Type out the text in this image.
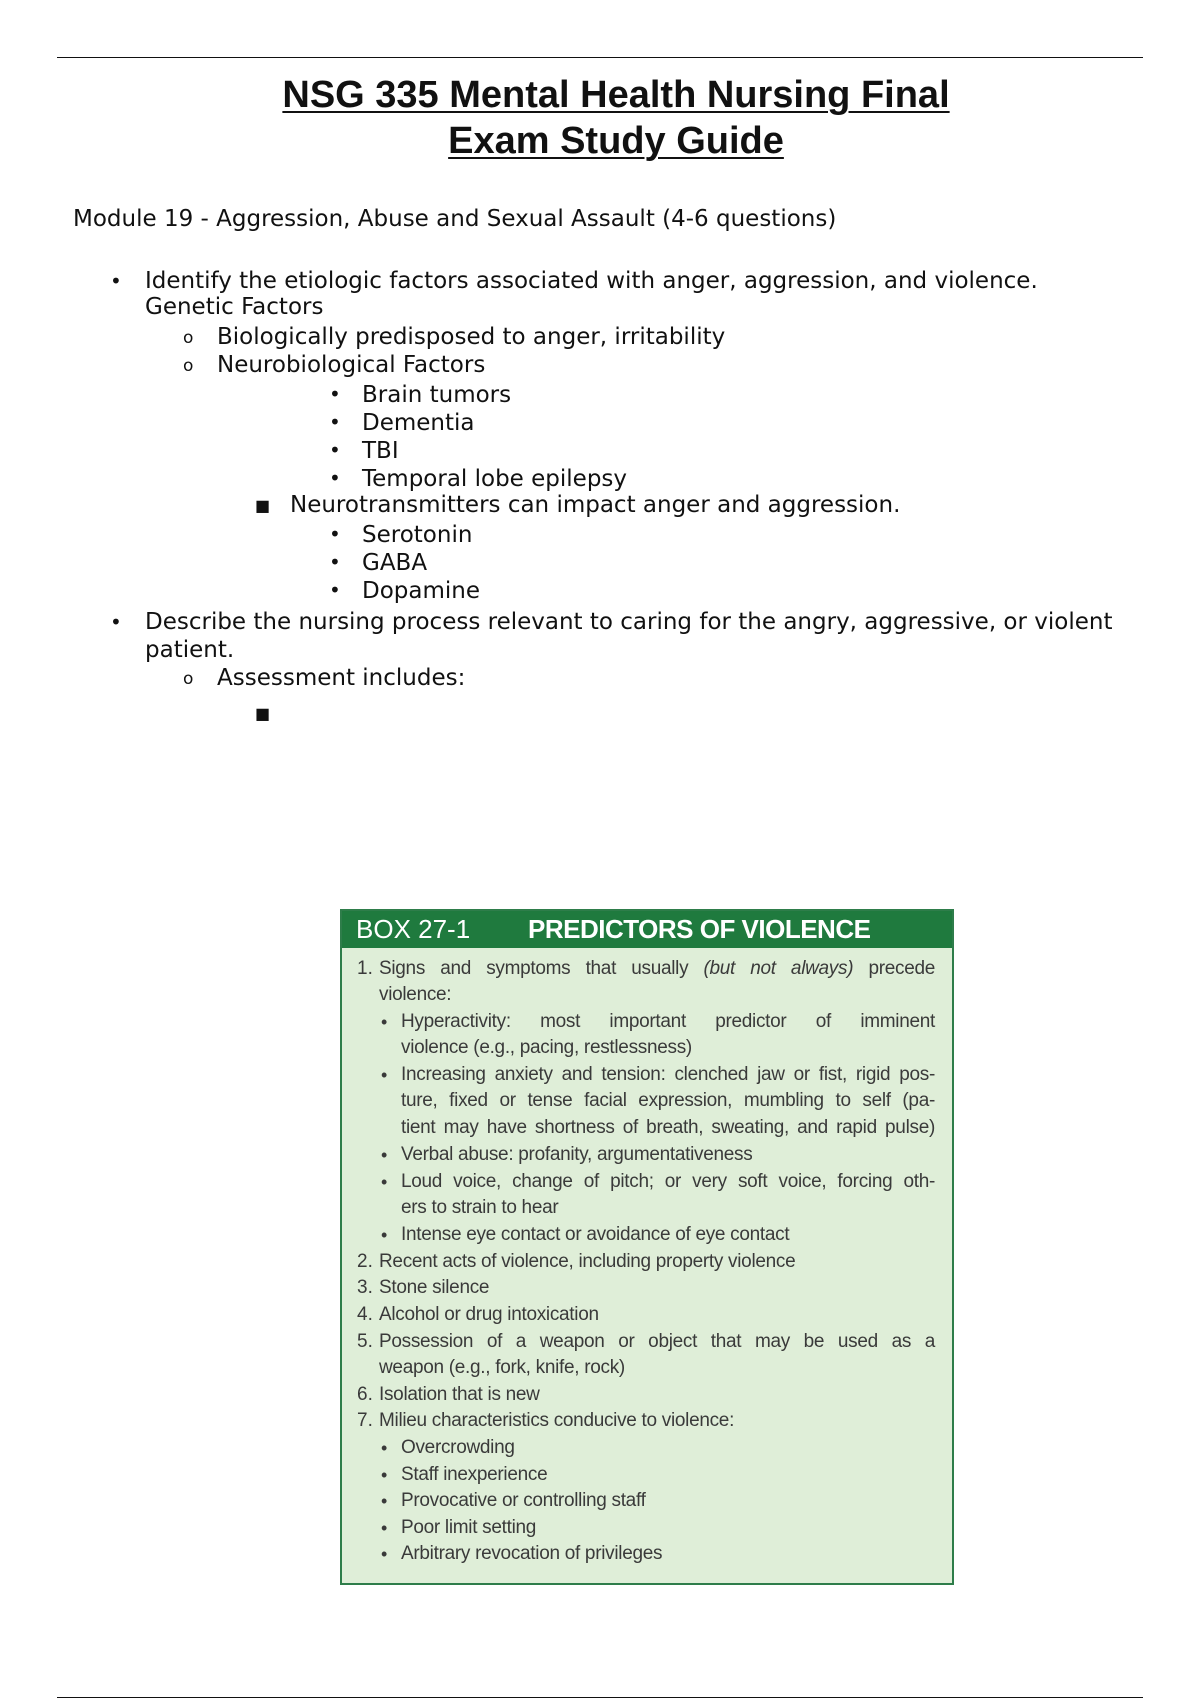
NSG 335 Mental Health Nursing Final
Exam Study Guide
Module 19 - Aggression, Abuse and Sexual Assault (4-6 questions)
• Identify the etiologic factors associated with anger, aggression, and violence.
Genetic Factors
o Biologically predisposed to anger, irritability
o Neurobiological Factors
• Brain tumors
• Dementia
• TBI
• Temporal lobe epilepsy
■ Neurotransmitters can impact anger and aggression.
• Serotonin
• GABA
• Dopamine
• Describe the nursing process relevant to caring for the angry, aggressive, or violent
patient.
o Assessment includes:
■
BOX 27-1 PREDICTORS OF VIOLENCE
1. Signs and symptoms that usually (but not always) precede
violence:
• Hyperactivity: most important predictor of imminent
violence (e.g., pacing, restlessness)
• Increasing anxiety and tension: clenched jaw or fist, rigid pos-
ture, fixed or tense facial expression, mumbling to self (pa-
tient may have shortness of breath, sweating, and rapid pulse)
• Verbal abuse: profanity, argumentativeness
• Loud voice, change of pitch; or very soft voice, forcing oth-
ers to strain to hear
• Intense eye contact or avoidance of eye contact
2. Recent acts of violence, including property violence
3. Stone silence
4. Alcohol or drug intoxication
5. Possession of a weapon or object that may be used as a
weapon (e.g., fork, knife, rock)
6. Isolation that is new
7. Milieu characteristics conducive to violence:
• Overcrowding
• Staff inexperience
• Provocative or controlling staff
• Poor limit setting
• Arbitrary revocation of privileges
